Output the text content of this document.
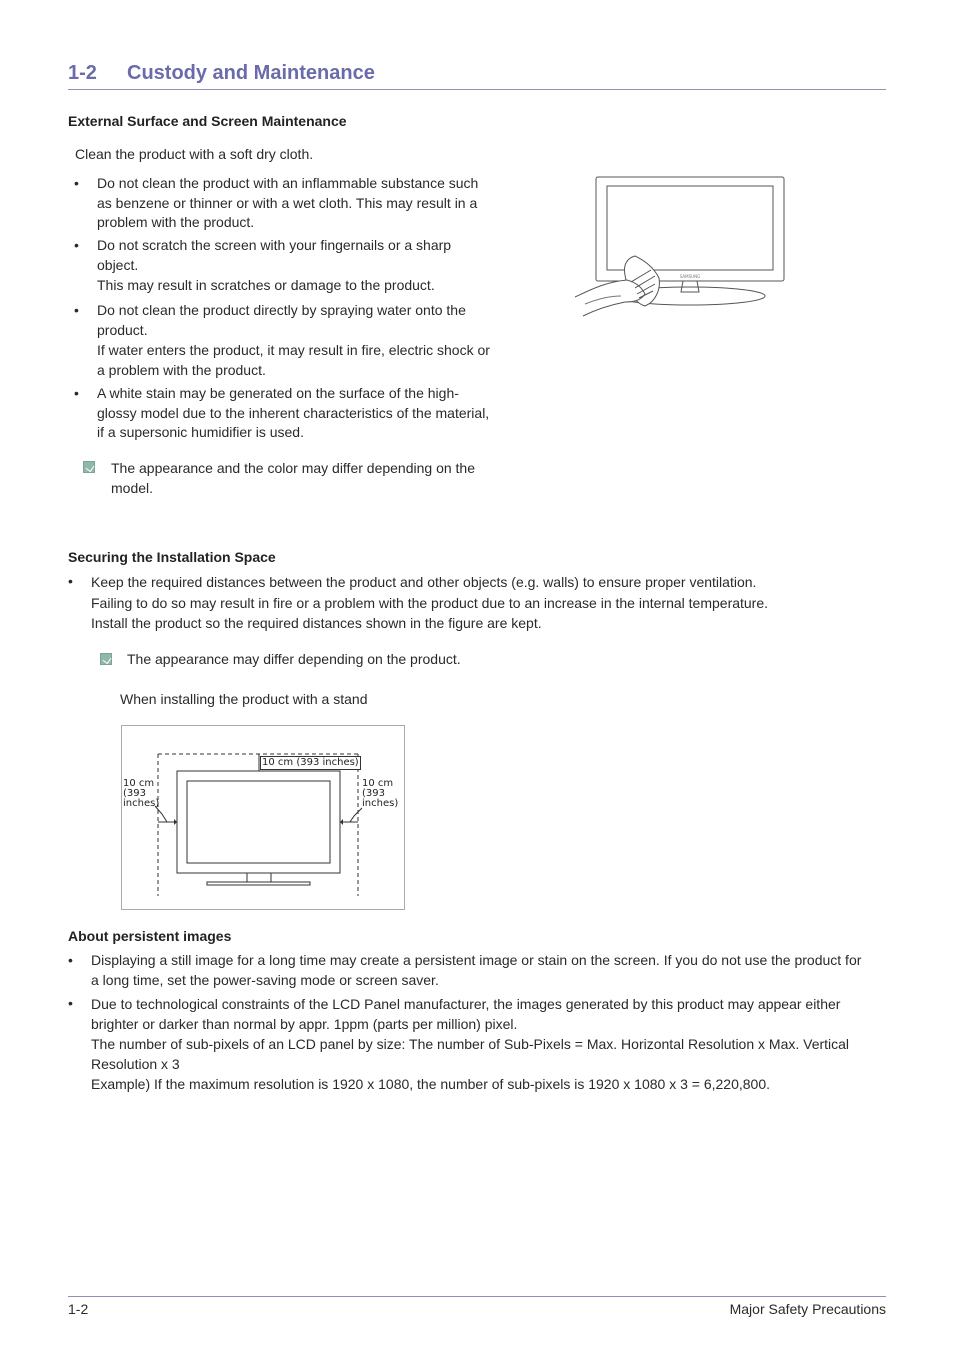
1-2 Custody and Maintenance
External Surface and Screen Maintenance
Clean the product with a soft dry cloth.
• Do not clean the product with an inflammable substance such
as benzene or thinner or with a wet cloth. This may result in a
problem with the product.
• Do not scratch the screen with your fingernails or a sharp
object.
This may result in scratches or damage to the product.
• Do not clean the product directly by spraying water onto the
product.
If water enters the product, it may result in fire, electric shock or
a problem with the product.
• A white stain may be generated on the surface of the high-
glossy model due to the inherent characteristics of the material,
if a supersonic humidifier is used.
The appearance and the color may differ depending on the
model.
SAMSUNG
Securing the Installation Space
• Keep the required distances between the product and other objects (e.g. walls) to ensure proper ventilation.
Failing to do so may result in fire or a problem with the product due to an increase in the internal temperature.
Install the product so the required distances shown in the figure are kept.
The appearance may differ depending on the product.
When installing the product with a stand
10 cm (393 inches)
10 cm
(393
inches)
10 cm
(393
inches)
About persistent images
• Displaying a still image for a long time may create a persistent image or stain on the screen. If you do not use the product for
a long time, set the power-saving mode or screen saver.
• Due to technological constraints of the LCD Panel manufacturer, the images generated by this product may appear either
brighter or darker than normal by appr. 1ppm (parts per million) pixel.
The number of sub-pixels of an LCD panel by size: The number of Sub-Pixels = Max. Horizontal Resolution x Max. Vertical
Resolution x 3
Example) If the maximum resolution is 1920 x 1080, the number of sub-pixels is 1920 x 1080 x 3 = 6,220,800.
1-2	Major Safety Precautions
